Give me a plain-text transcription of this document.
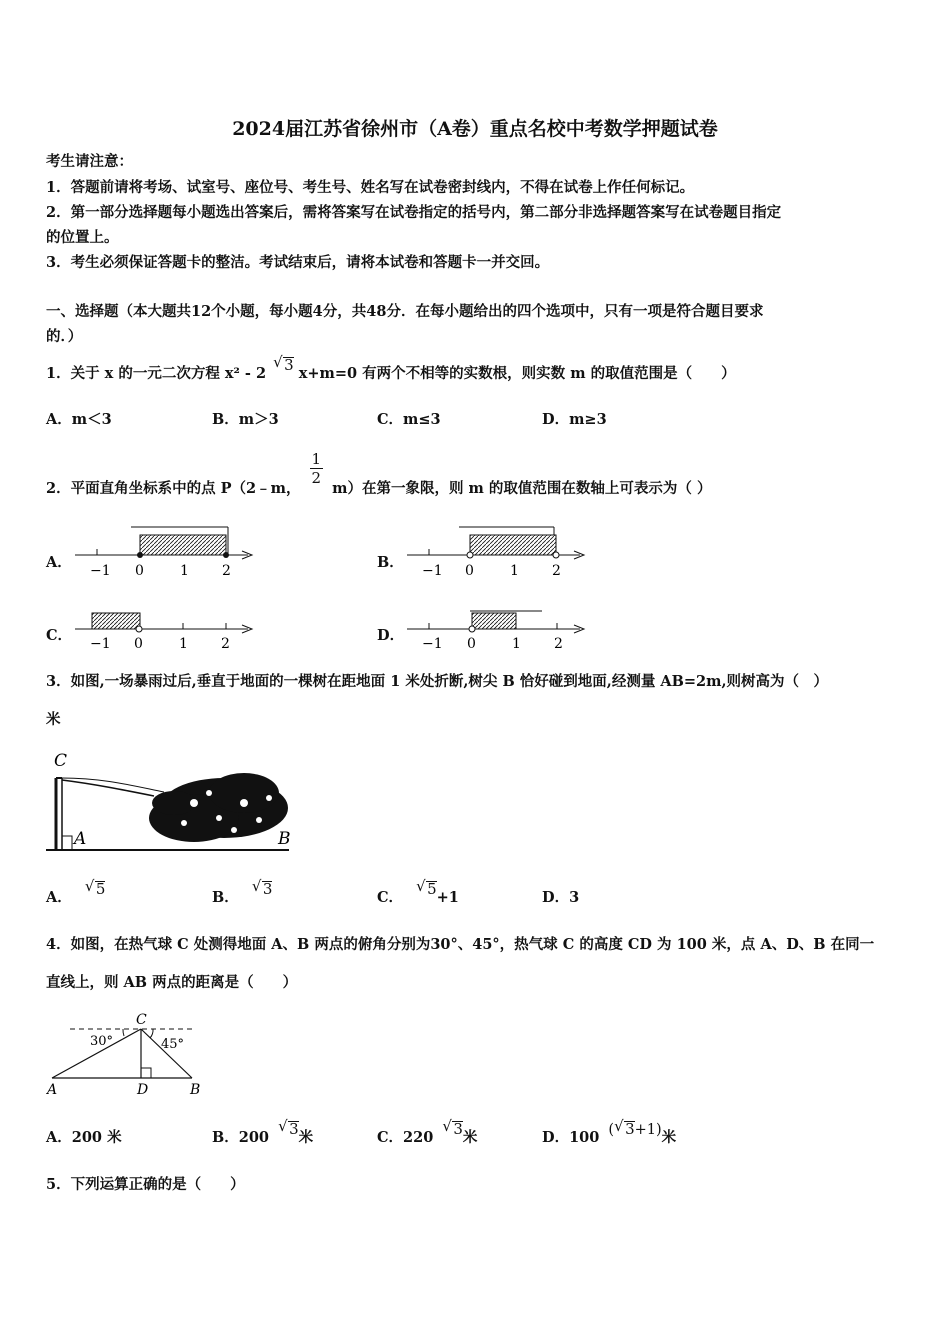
2024届江苏省徐州市（A卷）重点名校中考数学押题试卷
考生请注意：
1．答题前请将考场、试室号、座位号、考生号、姓名写在试卷密封线内，不得在试卷上作任何标记。
2．第一部分选择题每小题选出答案后，需将答案写在试卷指定的括号内，第二部分非选择题答案写在试卷题目指定
的位置上。
3．考生必须保证答题卡的整洁。考试结束后，请将本试卷和答题卡一并交回。
一、选择题（本大题共12个小题，每小题4分，共48分．在每小题给出的四个选项中，只有一项是符合题目要求
的．）
1．关于 x 的一元二次方程 x² - 2 √ 3 x+m=0 有两个不相等的实数根，则实数 m 的取值范围是（　　）
A．m＜3	B．m＞3	C．m≤3	D．m≥3
2．平面直角坐标系中的点 P（2﹣m，
$\frac{1}{2}$
m）在第一象限，则 m 的取值范围在数轴上可表示为（ ）
A． −1 0	1 2	B． −1 0	1 2
C． −1 0	1 2	D． −1 0	1 2
3．如图,一场暴雨过后,垂直于地面的一棵树在距地面 1 米处折断,树尖 B 恰好碰到地面,经测量 AB=2m,则树高为（　）
米
C
A	B
A． √ 5	B． √ 3	C． √ 5+1	D．3
4．如图，在热气球 C 处测得地面 A、B 两点的俯角分别为30°、45°，热气球 C 的高度 CD 为 100 米，点 A、D、B 在同一
直线上，则 AB 两点的距离是（　　）
C
30°	45°
A	D	B
A．200 米	B．200 √ 3米	C．220 √ 3米	D．100 ( √ 3+1)米
5．下列运算正确的是（　　）
